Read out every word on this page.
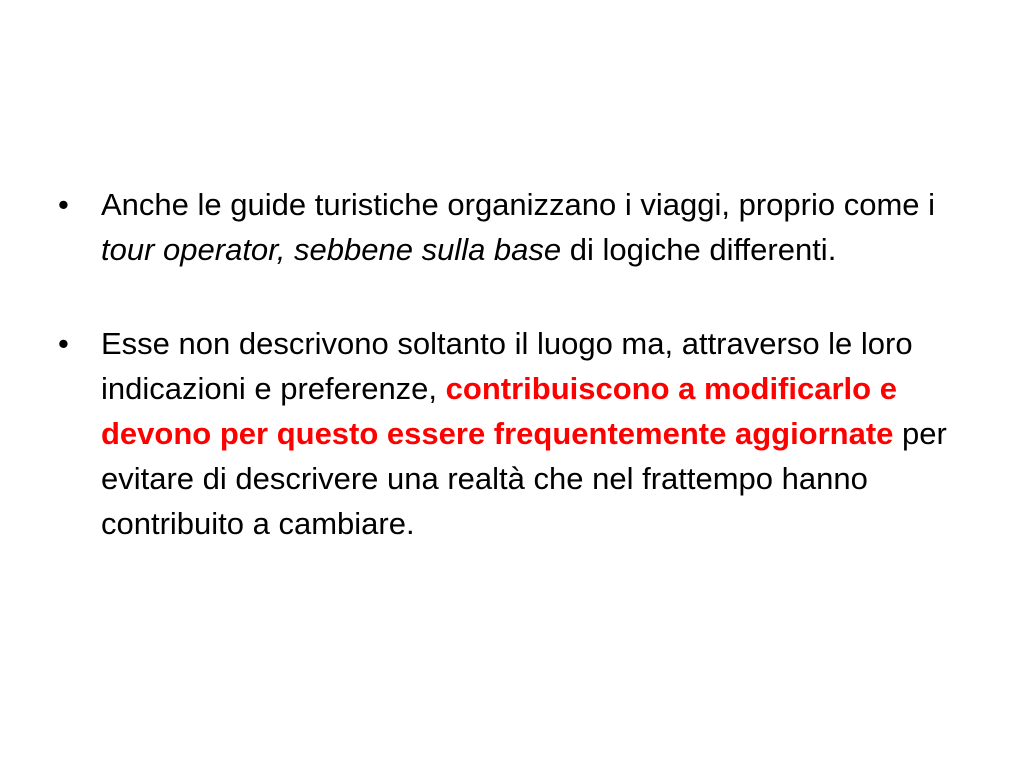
•	Anche le guide turistiche organizzano i viaggi, proprio come i tour operator, sebbene sulla base di logiche differenti.

•	Esse non descrivono soltanto il luogo ma, attraverso le loro indicazioni e preferenze, contribuiscono a modificarlo e devono per questo essere frequentemente aggiornate per evitare di descrivere una realtà che nel frattempo hanno contribuito a cambiare.
